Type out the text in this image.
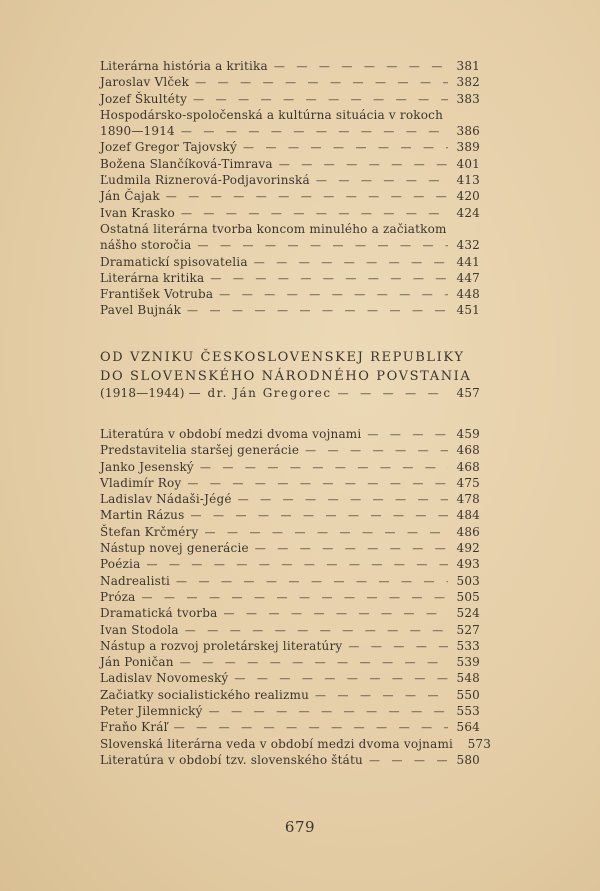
Literárna história a kritika — —	381
Jaroslav Vlček — —	382
Jozef Škultéty — —	383
Hospodársko-spoločenská a kultúrna situácia v rokoch
1890—1914 — —	386
Jozef Gregor Tajovský — —	389
Božena Slančíková-Timrava — —	401
Ľudmila Riznerová-Podjavorinská — —	413
Ján Čajak — —	420
Ivan Krasko — —	424
Ostatná literárna tvorba koncom minulého a začiatkom
nášho storočia — —	432
Dramatickí spisovatelia — —	441
Literárna kritika — —	447
František Votruba — —	448
Pavel Bujnák — —	451
OD VZNIKU ČESKOSLOVENSKEJ REPUBLIKY
DO SLOVENSKÉHO NÁRODNÉHO POVSTANIA
(1918—1944) — dr. Ján Gregorec — —	457
Literatúra v období medzi dvoma vojnami — —	459
Predstavitelia staršej generácie — —	468
Janko Jesenský — —	468
Vladimír Roy — —	475
Ladislav Nádaši-Jégé — —	478
Martin Rázus — —	484
Štefan Krčméry — —	486
Nástup novej generácie — —	492
Poézia — —	493
Nadrealisti — —	503
Próza — —	505
Dramatická tvorba — —	524
Ivan Stodola — —	527
Nástup a rozvoj proletárskej literatúry — —	533
Ján Poničan — —	539
Ladislav Novomeský — —	548
Začiatky socialistického realizmu — —	550
Peter Jilemnický — —	553
Fraňo Kráľ — —	564
Slovenská literárna veda v období medzi dvoma vojnami 573
Literatúra v období tzv. slovenského štátu — —	580
679
